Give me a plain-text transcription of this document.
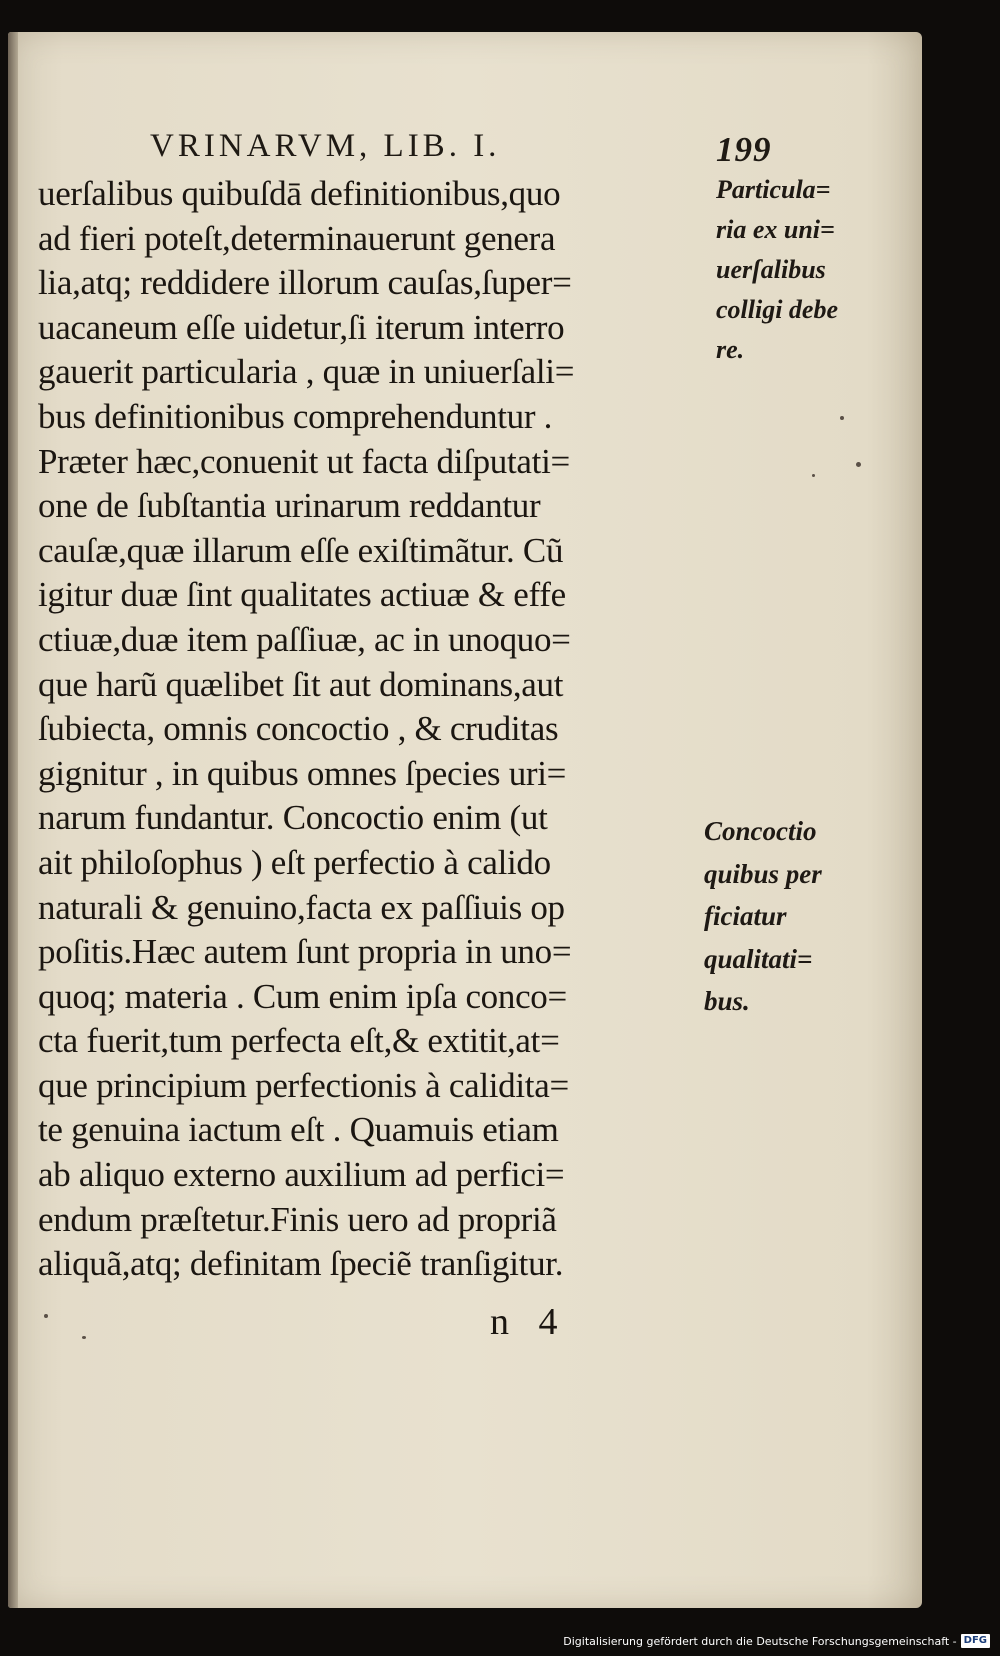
VRINARVM, LIB. I.	199
uerſalibus quibuſdā definitionibus,quo
ad fieri poteſt,determinauerunt genera
lia,atq; reddidere illorum cauſas,ſuper=
uacaneum eſſe uidetur,ſi iterum interro
gauerit particularia , quæ in uniuerſali=
bus definitionibus comprehenduntur .
Præter hæc,conuenit ut facta diſputati=
one de ſubſtantia urinarum reddantur
cauſæ,quæ illarum eſſe exiſtimãtur. Cũ
igitur duæ ſint qualitates actiuæ & effe
ctiuæ,duæ item paſſiuæ, ac in unoquo=
que harũ quælibet ſit aut dominans,aut
ſubiecta, omnis concoctio , & cruditas
gignitur , in quibus omnes ſpecies uri=
narum fundantur. Concoctio enim (ut
ait philoſophus ) eſt perfectio à calido
naturali & genuino,facta ex paſſiuis op
poſitis.Hæc autem ſunt propria in uno=
quoq; materia . Cum enim ipſa conco=
cta fuerit,tum perfecta eſt,& extitit,at=
que principium perfectionis à calidita=
te genuina iactum eſt . Quamuis etiam
ab aliquo externo auxilium ad perfici=
endum præſtetur.Finis uero ad propriã
aliquã,atq; definitam ſpeciẽ tranſigitur.
Particula=
ria ex uni=
uerſalibus
colligi debe
re.
Concoctio
quibus per
ficiatur
qualitati=
bus.
n 4
Digitalisierung gefördert durch die Deutsche Forschungsgemeinschaft - DFG
